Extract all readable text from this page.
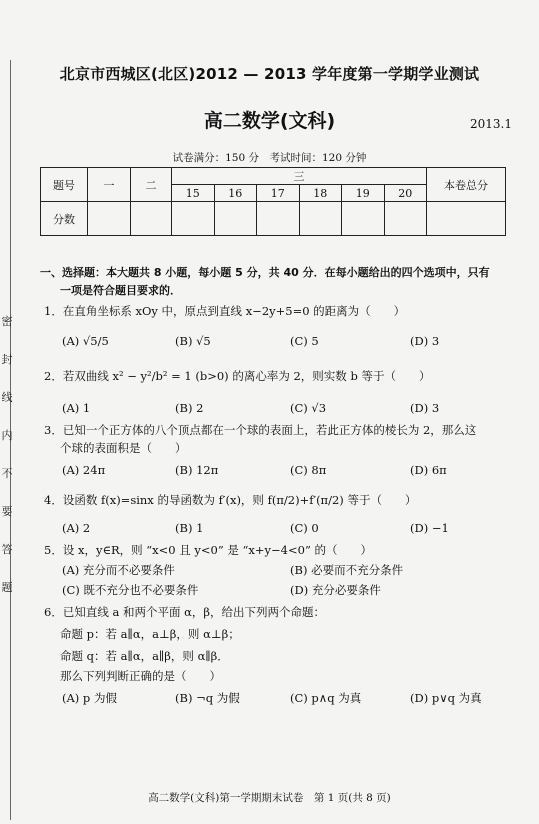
密
封
线
内
不
要
答
题
北京市西城区(北区)2012 — 2013 学年度第一学期学业测试
高二数学(文科)	2013.1
试卷满分：150 分　考试时间：120 分钟
题号	一	二	三						本卷总分
			15	16	17	18	19	20	
分数									
一、选择题：本大题共 8 小题，每小题 5 分，共 40 分．在每小题给出的四个选项中，只有
一项是符合题目要求的．
1．在直角坐标系 xOy 中，原点到直线 x−2y+5=0 的距离为（　　）
(A) √5/5	(B) √5	(C) 5	(D) 3
2．若双曲线 x² − y²/b² = 1 (b>0) 的离心率为 2，则实数 b 等于（　　）
(A) 1	(B) 2	(C) √3	(D) 3
3．已知一个正方体的八个顶点都在一个球的表面上，若此正方体的棱长为 2，那么这
个球的表面积是（　　）
(A) 24π	(B) 12π	(C) 8π	(D) 6π
4．设函数 f(x)=sinx 的导函数为 f′(x)，则 f(π/2)+f′(π/2) 等于（　　）
(A) 2	(B) 1	(C) 0	(D) −1
5．设 x，y∈R，则 “x<0 且 y<0” 是 “x+y−4<0” 的（　　）
(A) 充分而不必要条件	(B) 必要而不充分条件
(C) 既不充分也不必要条件	(D) 充分必要条件
6．已知直线 a 和两个平面 α，β，给出下列两个命题：
命题 p：若 a∥α，a⊥β，则 α⊥β；
命题 q：若 a∥α，a∥β，则 α∥β．
那么下列判断正确的是（　　）
(A) p 为假	(B) ¬q 为假	(C) p∧q 为真	(D) p∨q 为真
高二数学(文科)第一学期期末试卷　第 1 页(共 8 页)
